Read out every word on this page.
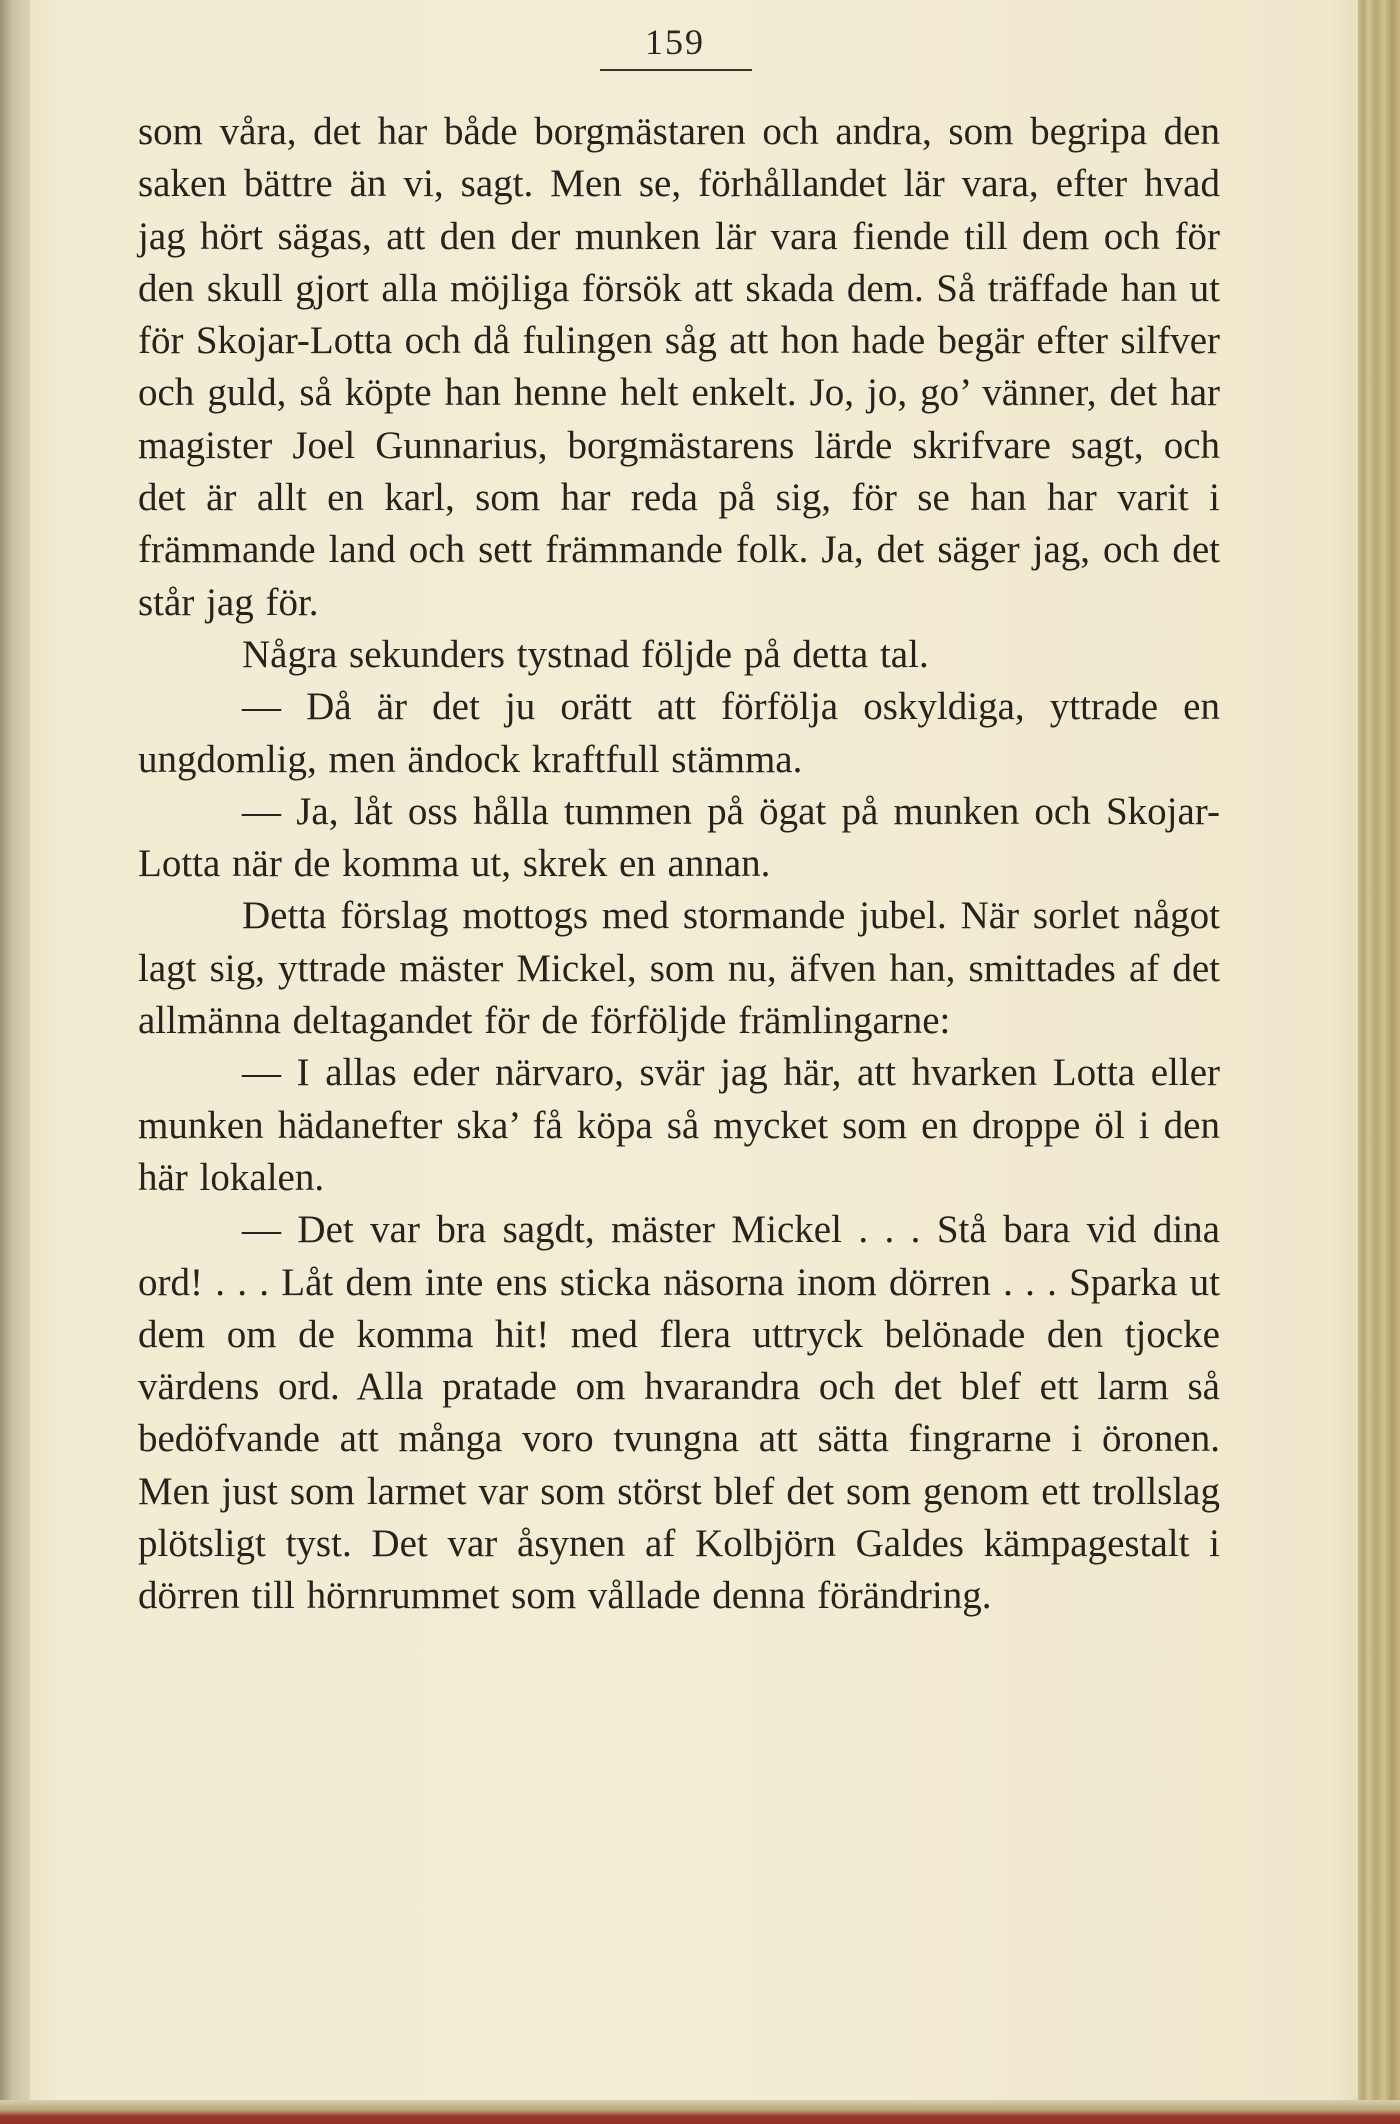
159

som våra, det har både borgmästaren och andra, som begripa den saken bättre än vi, sagt. Men se, förhållandet lär vara, efter hvad jag hört sägas, att den der munken lär vara fiende till dem och för den skull gjort alla möjliga försök att skada dem. Så träffade han ut för Skojar-Lotta och då fulingen såg att hon hade begär efter silfver och guld, så köpte han henne helt enkelt. Jo, jo, go’ vänner, det har magister Joel Gunnarius, borgmästarens lärde skrifvare sagt, och det är allt en karl, som har reda på sig, för se han har varit i främmande land och sett främmande folk. Ja, det säger jag, och det står jag för.

Några sekunders tystnad följde på detta tal.

— Då är det ju orätt att förfölja oskyldiga, yttrade en ungdomlig, men ändock kraftfull stämma.

— Ja, låt oss hålla tummen på ögat på munken och Skojar-Lotta när de komma ut, skrek en annan.

Detta förslag mottogs med stormande jubel. När sorlet något lagt sig, yttrade mäster Mickel, som nu, äfven han, smittades af det allmänna deltagandet för de förföljde främlingarne:

— I allas eder närvaro, svär jag här, att hvarken Lotta eller munken hädanefter ska’ få köpa så mycket som en droppe öl i den här lokalen.

— Det var bra sagdt, mäster Mickel . . . Stå bara vid dina ord! . . . Låt dem inte ens sticka näsorna inom dörren . . . Sparka ut dem om de komma hit! med flera uttryck belönade den tjocke värdens ord. Alla pratade om hvarandra och det blef ett larm så bedöfvande att många voro tvungna att sätta fingrarne i öronen. Men just som larmet var som störst blef det som genom ett trollslag plötsligt tyst. Det var åsynen af Kolbjörn Galdes kämpagestalt i dörren till hörnrummet som vållade denna förändring.
